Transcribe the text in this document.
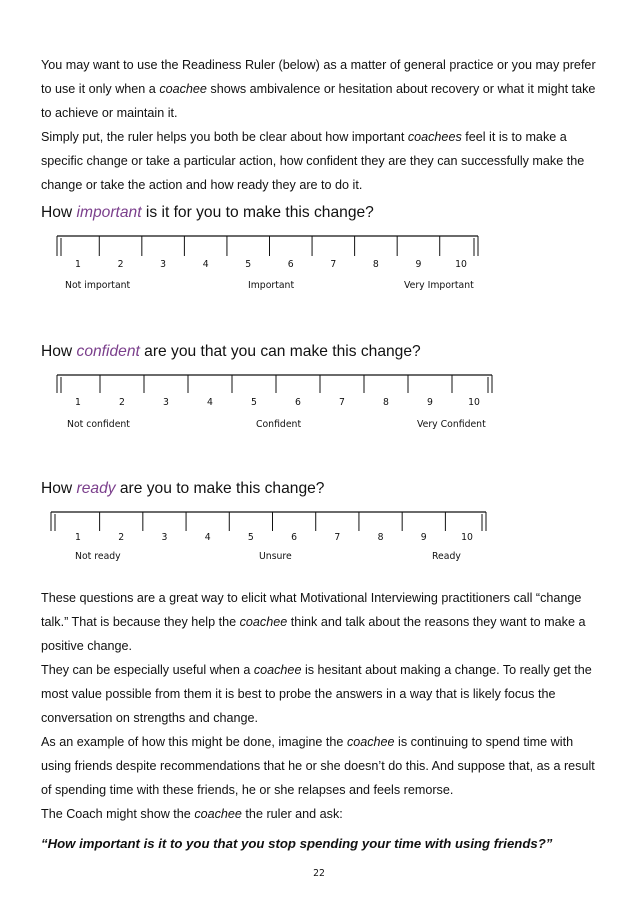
You may want to use the Readiness Ruler (below) as a matter of general practice or you may prefer to use it only when a coachee shows ambivalence or hesitation about recovery or what it might take to achieve or maintain it.

Simply put, the ruler helps you both be clear about how important coachees feel it is to make a specific change or take a particular action, how confident they are they can successfully make the change or take the action and how ready they are to do it.

How important is it for you to make this change?

1	2	3	4	5	6	7	8	9	10
Not important	Important	Very Important

How confident are you that you can make this change?

1	2	3	4	5	6	7	8	9	10
Not confident	Confident	Very Confident

How ready are you to make this change?

1	2	3	4	5	6	7	8	9	10
Not ready	Unsure	Ready

These questions are a great way to elicit what Motivational Interviewing practitioners call “change talk.” That is because they help the coachee think and talk about the reasons they want to make a positive change.

They can be especially useful when a coachee is hesitant about making a change. To really get the most value possible from them it is best to probe the answers in a way that is likely focus the conversation on strengths and change.

As an example of how this might be done, imagine the coachee is continuing to spend time with using friends despite recommendations that he or she doesn’t do this. And suppose that, as a result of spending time with these friends, he or she relapses and feels remorse.

The Coach might show the coachee the ruler and ask:

“How important is it to you that you stop spending your time with using friends?”

22
